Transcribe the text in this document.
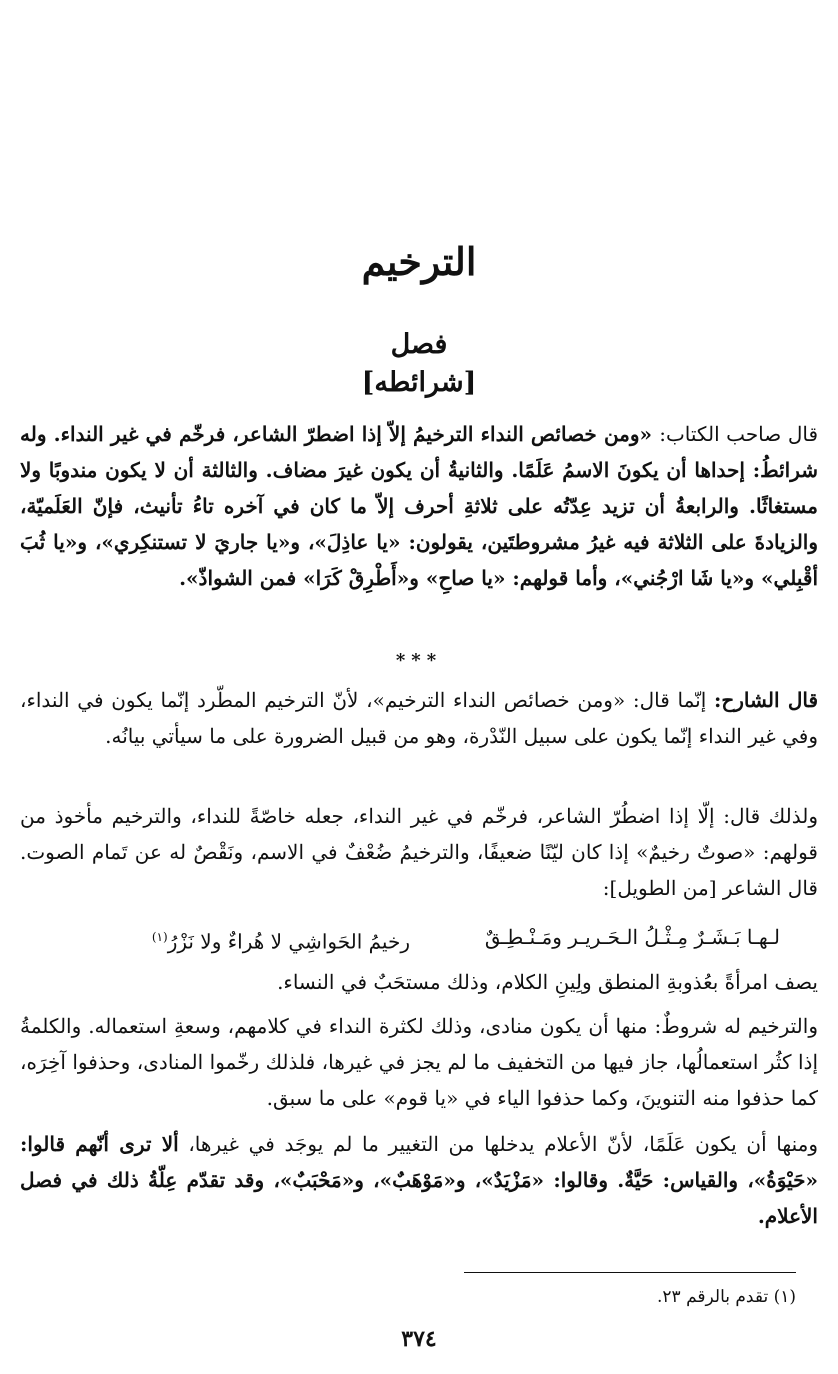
الترخيم
فصل
[شرائطه]
قال صاحب الكتاب: «ومن خصائص النداء الترخيمُ إلاّ إذا اضطرّ الشاعر، فرخّم في غير النداء. وله شرائطُ: إحداها أن يكونَ الاسمُ عَلَمًا. والثانيةُ أن يكون غيرَ مضاف. والثالثة أن لا يكون مندوبًا ولا مستغاثًا. والرابعةُ أن تزيد عِدّتُه على ثلاثةِ أحرف إلاّ ما كان في آخره تاءُ تأنيث، فإنّ العَلَميّة، والزيادةَ على الثلاثة فيه غيرُ مشروطتَين، يقولون: «يا عاذِلَ»، و«يا جاريَ لا تستنكِري»، و«يا ثُبَ أقْبِلي» و«يا شَا ارْجُني»، وأما قولهم: «يا صاحِ» و«أَطْرِقْ كَرَا» فمن الشواذّ».
***

قال الشارح: إنّما قال: «ومن خصائص النداء الترخيم»، لأنّ الترخيم المطّرد إنّما يكون في النداء، وفي غير النداء إنّما يكون على سبيل النّدْرة، وهو من قبيل الضرورة على ما سيأتي بيانُه.

ولذلك قال: إلّا إذا اضطُرّ الشاعر، فرخّم في غير النداء، جعله خاصّةً للنداء، والترخيم مأخوذ من قولهم: «صوتٌ رخيمٌ» إذا كان ليّنًا ضعيفًا، والترخيمُ ضُعْفٌ في الاسم، ونَقْصٌ له عن تَمام الصوت. قال الشاعر [من الطويل]:

لـهـا بَـشَـرٌ مِـثْـلُ الـحَـريـر ومَـنْـطِـقٌ
رخيمُ الحَواشِي لا هُراءٌ ولا نَزْرُ$^{(١)}$

يصف امرأةً بعُذوبةِ المنطق ولِينِ الكلام، وذلك مستحَبٌ في النساء.

والترخيم له شروطٌ: منها أن يكون منادى، وذلك لكثرة النداء في كلامهم، وسعةِ استعماله. والكلمةُ إذا كثُر استعمالُها، جاز فيها من التخفيف ما لم يجز في غيرها، فلذلك رخّموا المنادى، وحذفوا آخِرَه، كما حذفوا منه التنوينَ، وكما حذفوا الياء في «يا قوم» على ما سبق.

ومنها أن يكون عَلَمًا، لأنّ الأعلام يدخلها من التغيير ما لم يوجَد في غيرها، ألا ترى أنّهم قالوا: «حَيْوَةُ»، والقياس: حَيَّةٌ. وقالوا: «مَزْيَدٌ»، و«مَوْهَبٌ»، و«مَحْبَبٌ»، وقد تقدّم عِلّةُ ذلك في فصل الأعلام.

(١) تقدم بالرقم ٢٣.
٣٧٤
